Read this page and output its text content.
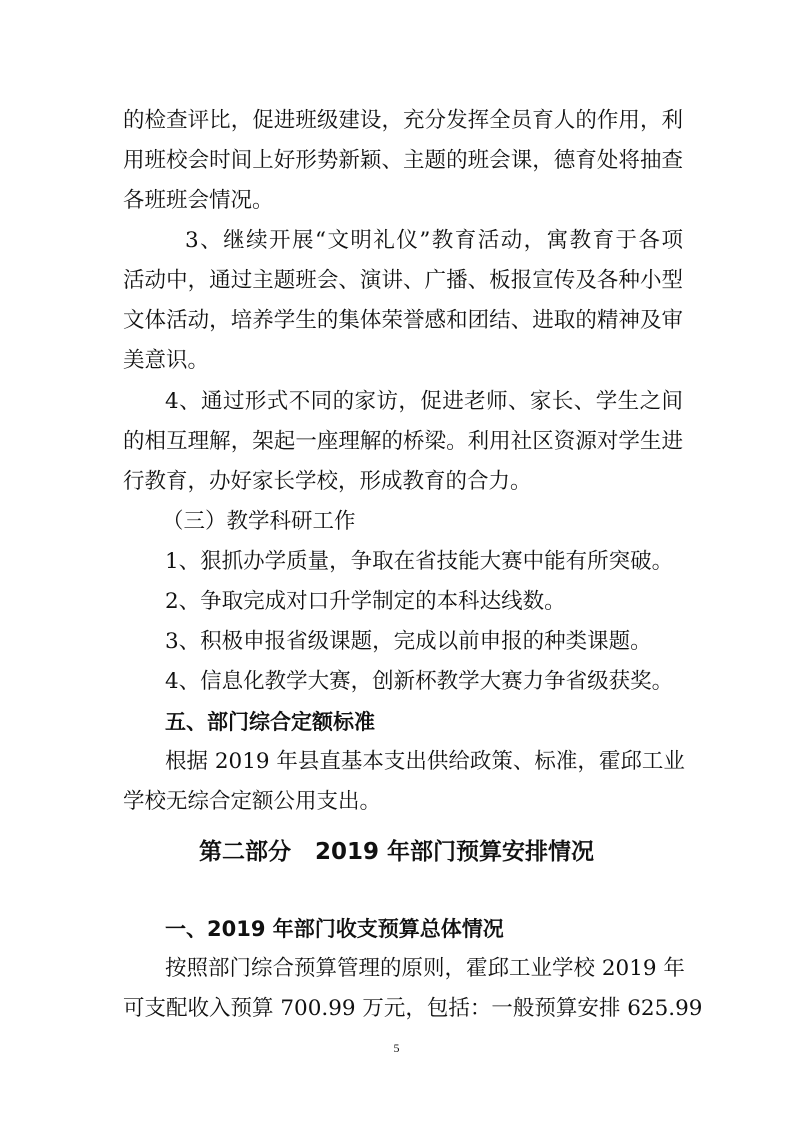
的检查评比，促进班级建设，充分发挥全员育人的作用，利
用班校会时间上好形势新颖、主题的班会课，德育处将抽查
各班班会情况。
3、继续开展“文明礼仪”教育活动，寓教育于各项
活动中，通过主题班会、演讲、广播、板报宣传及各种小型
文体活动，培养学生的集体荣誉感和团结、进取的精神及审
美意识。
4、通过形式不同的家访，促进老师、家长、学生之间
的相互理解，架起一座理解的桥梁。利用社区资源对学生进
行教育，办好家长学校，形成教育的合力。
（三）教学科研工作
1、狠抓办学质量，争取在省技能大赛中能有所突破。
2、争取完成对口升学制定的本科达线数。
3、积极申报省级课题，完成以前申报的种类课题。
4、信息化教学大赛，创新杯教学大赛力争省级获奖。
五、部门综合定额标准
根据 2019 年县直基本支出供给政策、标准，霍邱工业
学校无综合定额公用支出。
第二部分   2019 年部门预算安排情况
一、2019 年部门收支预算总体情况
按照部门综合预算管理的原则，霍邱工业学校 2019 年
可支配收入预算 700.99 万元，包括：一般预算安排 625.99
5
